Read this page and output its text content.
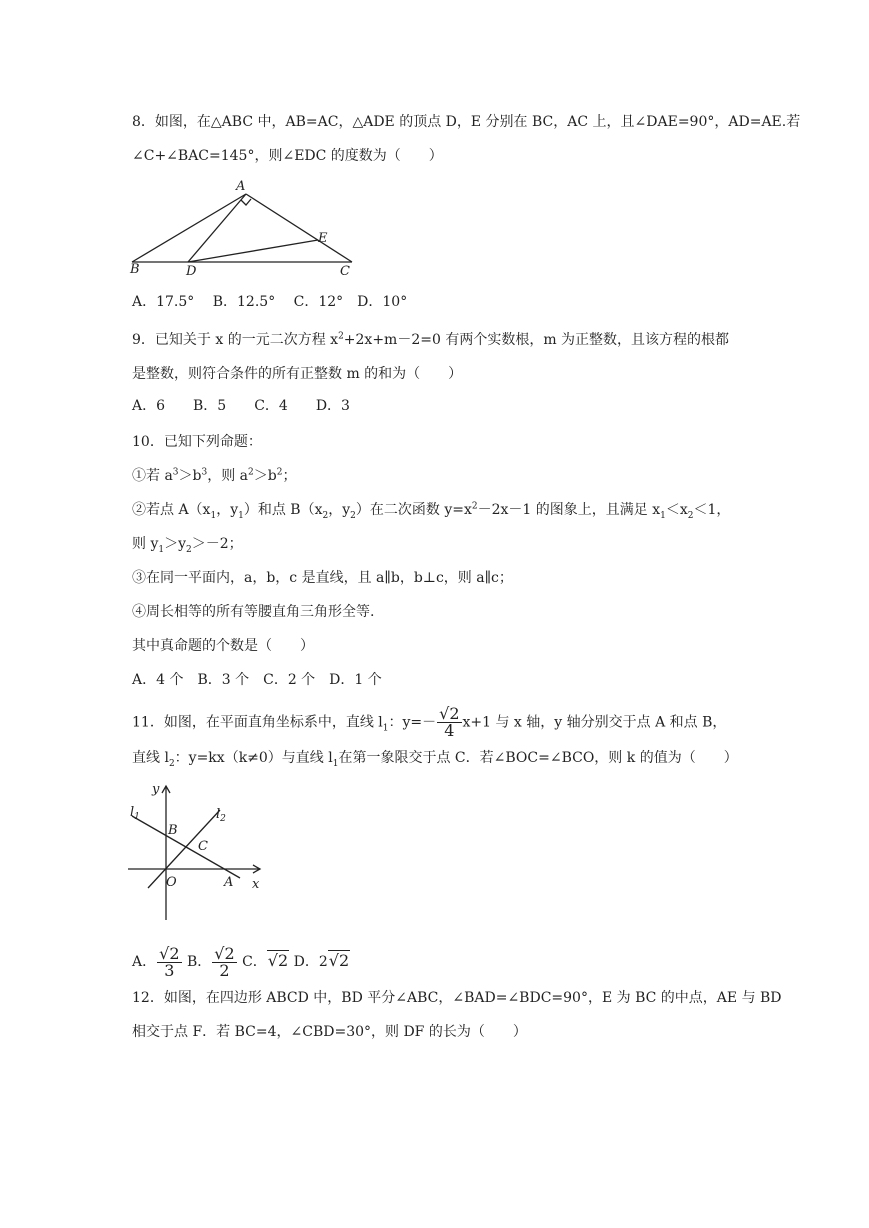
8．如图，在△ABC 中，AB=AC，△ADE 的顶点 D，E 分别在 BC，AC 上，且∠DAE=90°，AD=AE.若
∠C+∠BAC=145°，则∠EDC 的度数为（　　）
A
B	D
E
C
A．17.5°　 B．12.5°　 C．12°　D．10°
9．已知关于 x 的一元二次方程 $x^2+2x+m-2=0$ 有两个实数根，m 为正整数，且该方程的根都
是整数，则符合条件的所有正整数 m 的和为（　　）
A．6　　B．5　　C．4　　D．3
10．已知下列命题：
①若 $a^3>b^3$，则 $a^2>b^2$；
②若点 $A(x_1$，$y_1$）和点 $B(x_2$，$y_2$）在二次函数 $y=x^2-2x-1$ 的图象上，且满足 $x_1<x_2<1$，
则 $y_1>y_2>-2$；
③在同一平面内，a，b，c 是直线，且 a∥b，b⊥c，则 a∥c；
④周长相等的所有等腰直角三角形全等.
其中真命题的个数是（　　）
A．4 个　B．3 个　C．2 个　D．1 个
11．如图，在平面直角坐标系中，直线 $l_1$：$y=- \frac{√2}{4} x+1$ 与 x 轴，y 轴分别交于点 A 和点 B，
直线 $l_2$：y=kx（k≠0）与直线 $l_1$在第一象限交于点 C．若∠BOC=∠BCO，则 k 的值为（　　）
y
$l_1$	$l_2$
B
C
O	A x
A． $\frac{√2}{3}$ B． $\frac{√2}{2}$ C．√2 D．2√2
12．如图，在四边形 ABCD 中，BD 平分∠ABC，∠BAD=∠BDC=90°，E 为 BC 的中点，AE 与 BD
相交于点 F．若 BC=4，∠CBD=30°，则 DF 的长为（　　）
